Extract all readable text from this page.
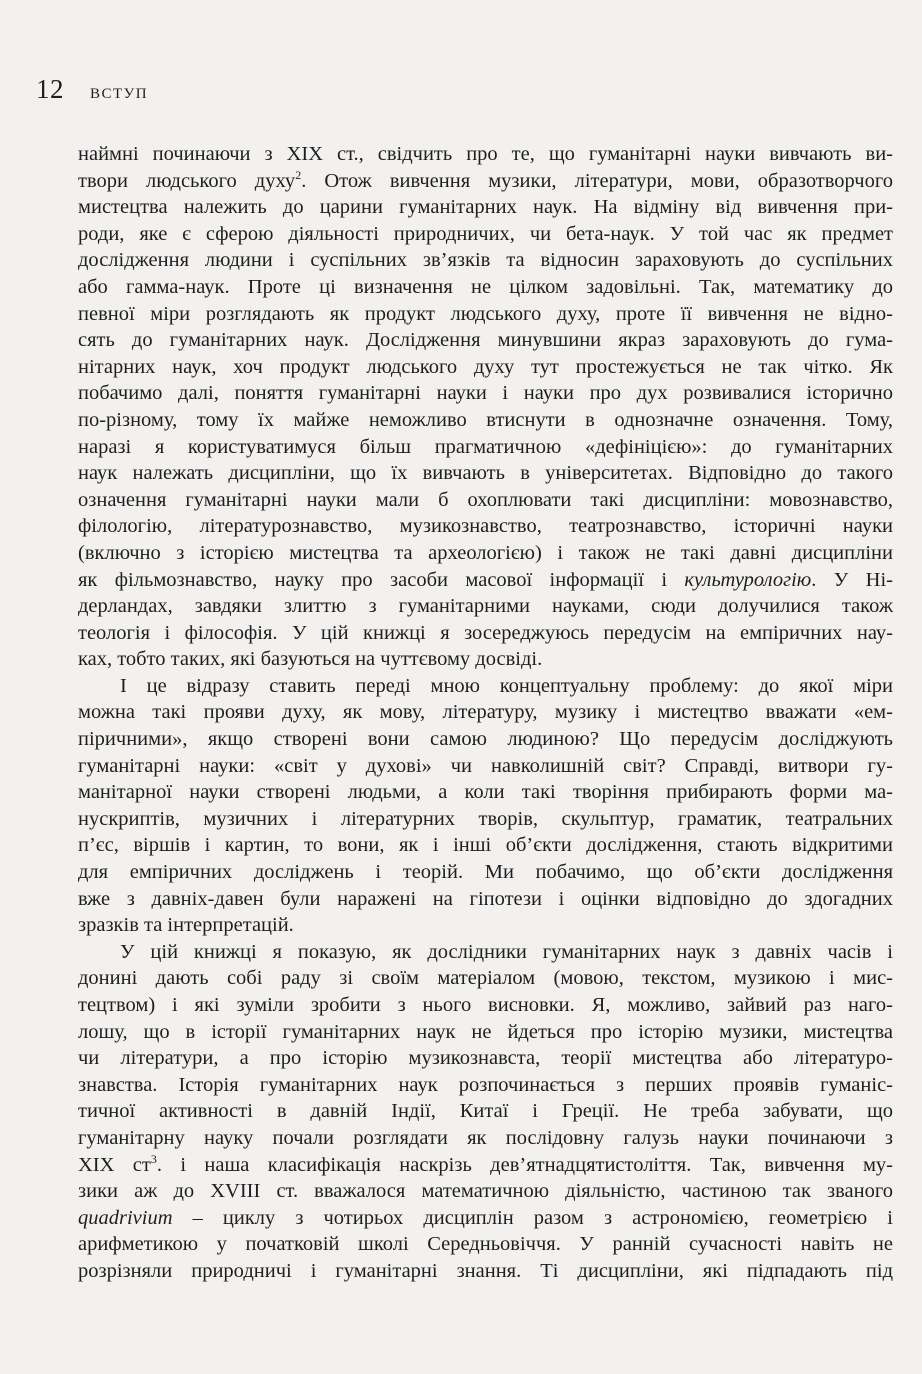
12 ВСТУП

наймні починаючи з XIX ст., свідчить про те, що гуманітарні науки вивчають ви-
твори людського духу$^2$. Отож вивчення музики, літератури, мови, образотворчого
мистецтва належить до царини гуманітарних наук. На відміну від вивчення при-
роди, яке є сферою діяльності природничих, чи бета-наук. У той час як предмет
дослідження людини і суспільних зв’язків та відносин зараховують до суспільних
або гамма-наук. Проте ці визначення не цілком задовільні. Так, математику до
певної міри розглядають як продукт людського духу, проте її вивчення не відно-
сять до гуманітарних наук. Дослідження минувшини якраз зараховують до гума-
нітарних наук, хоч продукт людського духу тут простежується не так чітко. Як
побачимо далі, поняття гуманітарні науки і науки про дух розвивалися історично
по-різному, тому їх майже неможливо втиснути в однозначне означення. Тому,
наразі я користуватимуся більш прагматичною «дефініцією»: до гуманітарних
наук належать дисципліни, що їх вивчають в університетах. Відповідно до такого
означення гуманітарні науки мали б охоплювати такі дисципліни: мовознавство,
філологію, літературознавство, музикознавство, театрознавство, історичні науки
(включно з історією мистецтва та археологією) і також не такі давні дисципліни
як фільмознавство, науку про засоби масової інформації і культурологію. У Ні-
дерландах, завдяки злиттю з гуманітарними науками, сюди долучилися також
теологія і філософія. У цій книжці я зосереджуюсь передусім на емпіричних нау-
ках, тобто таких, які базуються на чуттєвому досвіді.

І це відразу ставить переді мною концептуальну проблему: до якої міри
можна такі прояви духу, як мову, літературу, музику і мистецтво вважати «ем-
піричними», якщо створені вони самою людиною? Що передусім досліджують
гуманітарні науки: «світ у духові» чи навколишній світ? Справді, витвори гу-
манітарної науки створені людьми, а коли такі творіння прибирають форми ма-
нускриптів, музичних і літературних творів, скульптур, граматик, театральних
п’єс, віршів і картин, то вони, як і інші об’єкти дослідження, стають відкритими
для емпіричних досліджень і теорій. Ми побачимо, що об’єкти дослідження
вже з давніх-давен були наражені на гіпотези і оцінки відповідно до здогадних
зразків та інтерпретацій.

У цій книжці я показую, як дослідники гуманітарних наук з давніх часів і
донині дають собі раду зі своїм матеріалом (мовою, текстом, музикою і мис-
тецтвом) і які зуміли зробити з нього висновки. Я, можливо, зайвий раз наго-
лошу, що в історії гуманітарних наук не йдеться про історію музики, мистецтва
чи літератури, а про історію музикознавста, теорії мистецтва або літературо-
знавства. Історія гуманітарних наук розпочинається з перших проявів гуманіс-
тичної активності в давній Індії, Китаї і Греції. Не треба забувати, що
гуманітарну науку почали розглядати як послідовну галузь науки починаючи з
XIX $ст^3$. і наша класифікація наскрізь дев’ятнадцятистоліття. Так, вивчення му-
зики аж до XVIII ст. вважалося математичною діяльністю, частиною так званого
quadrivium – циклу з чотирьох дисциплін разом з астрономією, геометрією і
арифметикою у початковій школі Середньовіччя. У ранній сучасності навіть не
розрізняли природничі і гуманітарні знання. Ті дисципліни, які підпадають під
